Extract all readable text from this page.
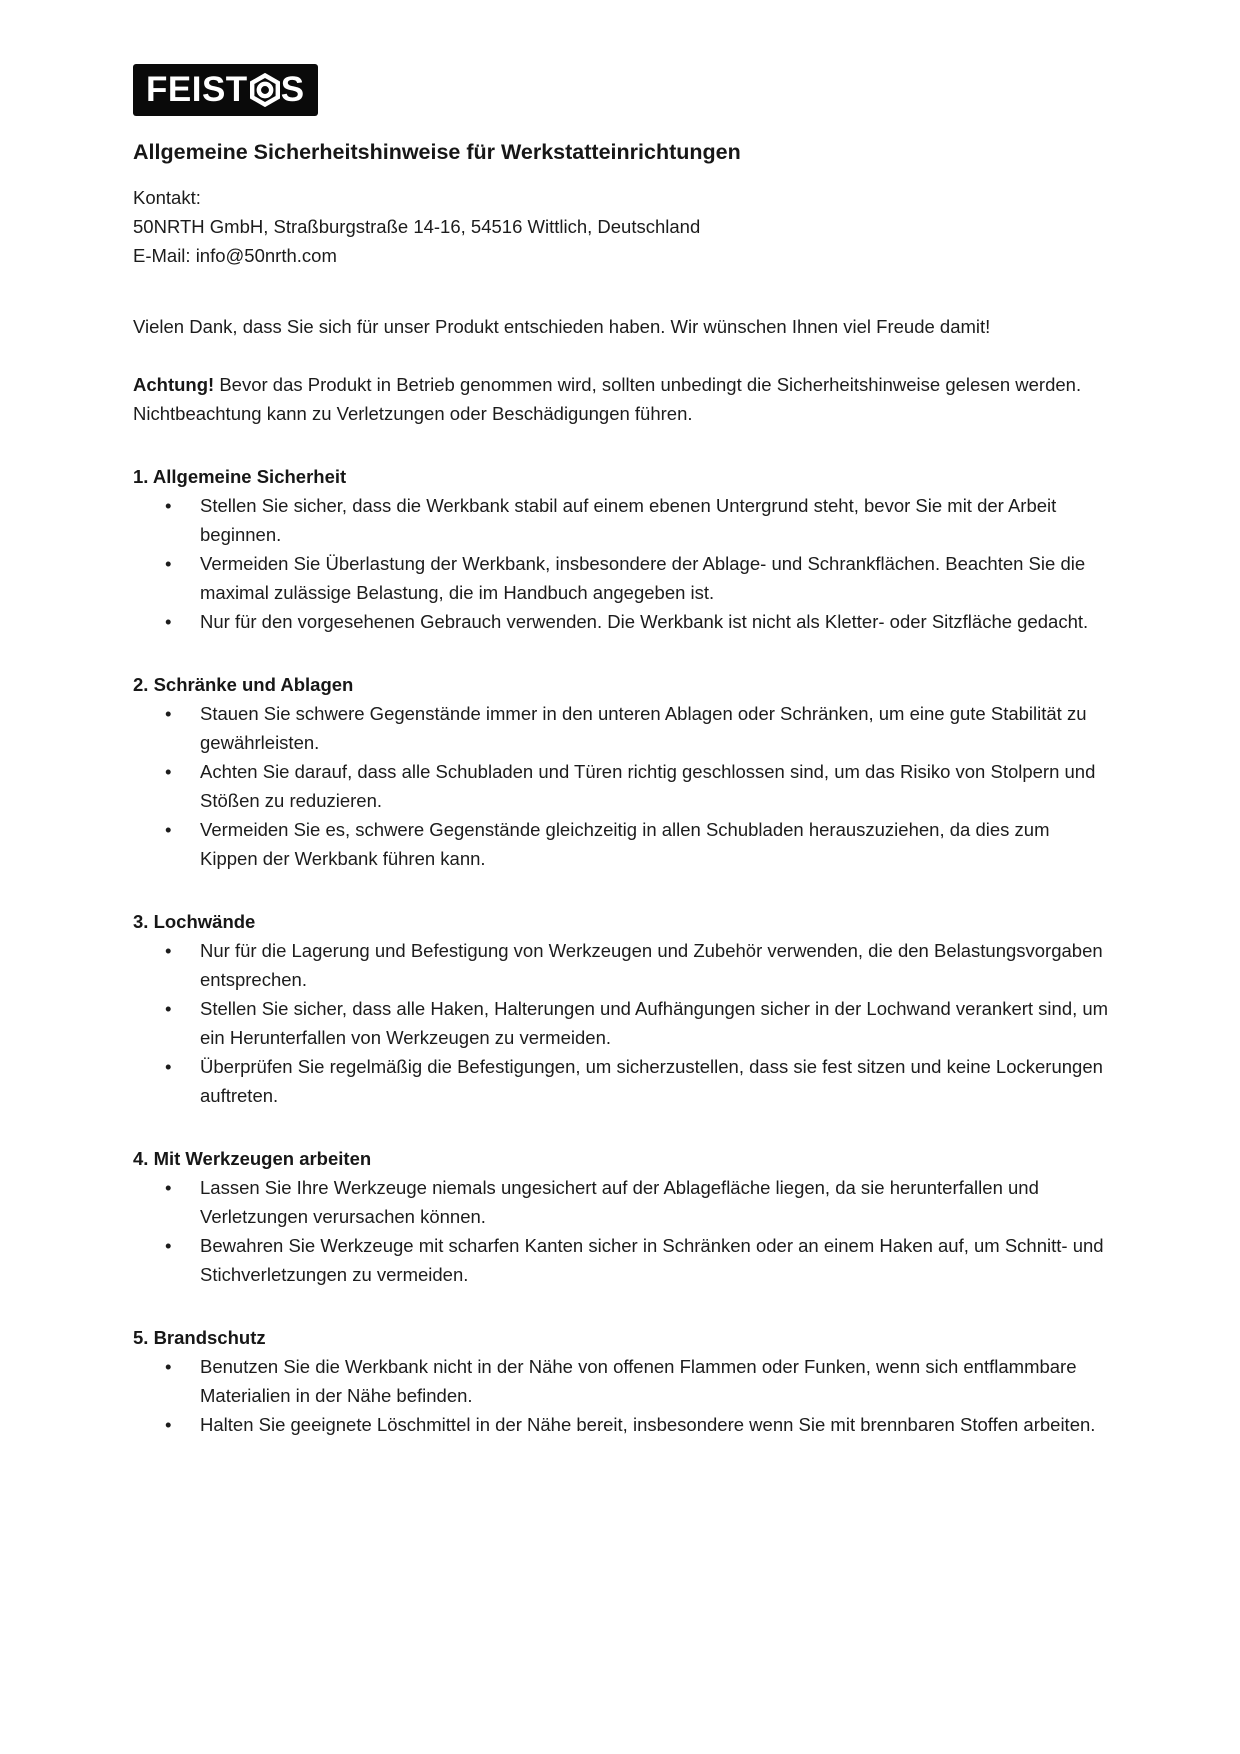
FEIST S
Allgemeine Sicherheitshinweise für Werkstatteinrichtungen

Kontakt:

50NRTH GmbH, Straßburgstraße 14-16, 54516 Wittlich, Deutschland

E-Mail: info@50nrth.com

Vielen Dank, dass Sie sich für unser Produkt entschieden haben. Wir wünschen Ihnen viel Freude damit!

Achtung! Bevor das Produkt in Betrieb genommen wird, sollten unbedingt die Sicherheitshinweise gelesen werden. Nichtbeachtung kann zu Verletzungen oder Beschädigungen führen.

1. Allgemeine Sicherheit
• Stellen Sie sicher, dass die Werkbank stabil auf einem ebenen Untergrund steht, bevor Sie mit der Arbeit beginnen.
• Vermeiden Sie Überlastung der Werkbank, insbesondere der Ablage- und Schrankflächen. Beachten Sie die maximal zulässige Belastung, die im Handbuch angegeben ist.
• Nur für den vorgesehenen Gebrauch verwenden. Die Werkbank ist nicht als Kletter- oder Sitzfläche gedacht.
2. Schränke und Ablagen
• Stauen Sie schwere Gegenstände immer in den unteren Ablagen oder Schränken, um eine gute Stabilität zu gewährleisten.
• Achten Sie darauf, dass alle Schubladen und Türen richtig geschlossen sind, um das Risiko von Stolpern und Stößen zu reduzieren.
• Vermeiden Sie es, schwere Gegenstände gleichzeitig in allen Schubladen herauszuziehen, da dies zum Kippen der Werkbank führen kann.
3. Lochwände
• Nur für die Lagerung und Befestigung von Werkzeugen und Zubehör verwenden, die den Belastungsvorgaben entsprechen.
• Stellen Sie sicher, dass alle Haken, Halterungen und Aufhängungen sicher in der Lochwand verankert sind, um ein Herunterfallen von Werkzeugen zu vermeiden.
• Überprüfen Sie regelmäßig die Befestigungen, um sicherzustellen, dass sie fest sitzen und keine Lockerungen auftreten.
4. Mit Werkzeugen arbeiten
• Lassen Sie Ihre Werkzeuge niemals ungesichert auf der Ablagefläche liegen, da sie herunterfallen und Verletzungen verursachen können.
• Bewahren Sie Werkzeuge mit scharfen Kanten sicher in Schränken oder an einem Haken auf, um Schnitt- und Stichverletzungen zu vermeiden.
5. Brandschutz
• Benutzen Sie die Werkbank nicht in der Nähe von offenen Flammen oder Funken, wenn sich entflammbare Materialien in der Nähe befinden.
• Halten Sie geeignete Löschmittel in der Nähe bereit, insbesondere wenn Sie mit brennbaren Stoffen arbeiten.
